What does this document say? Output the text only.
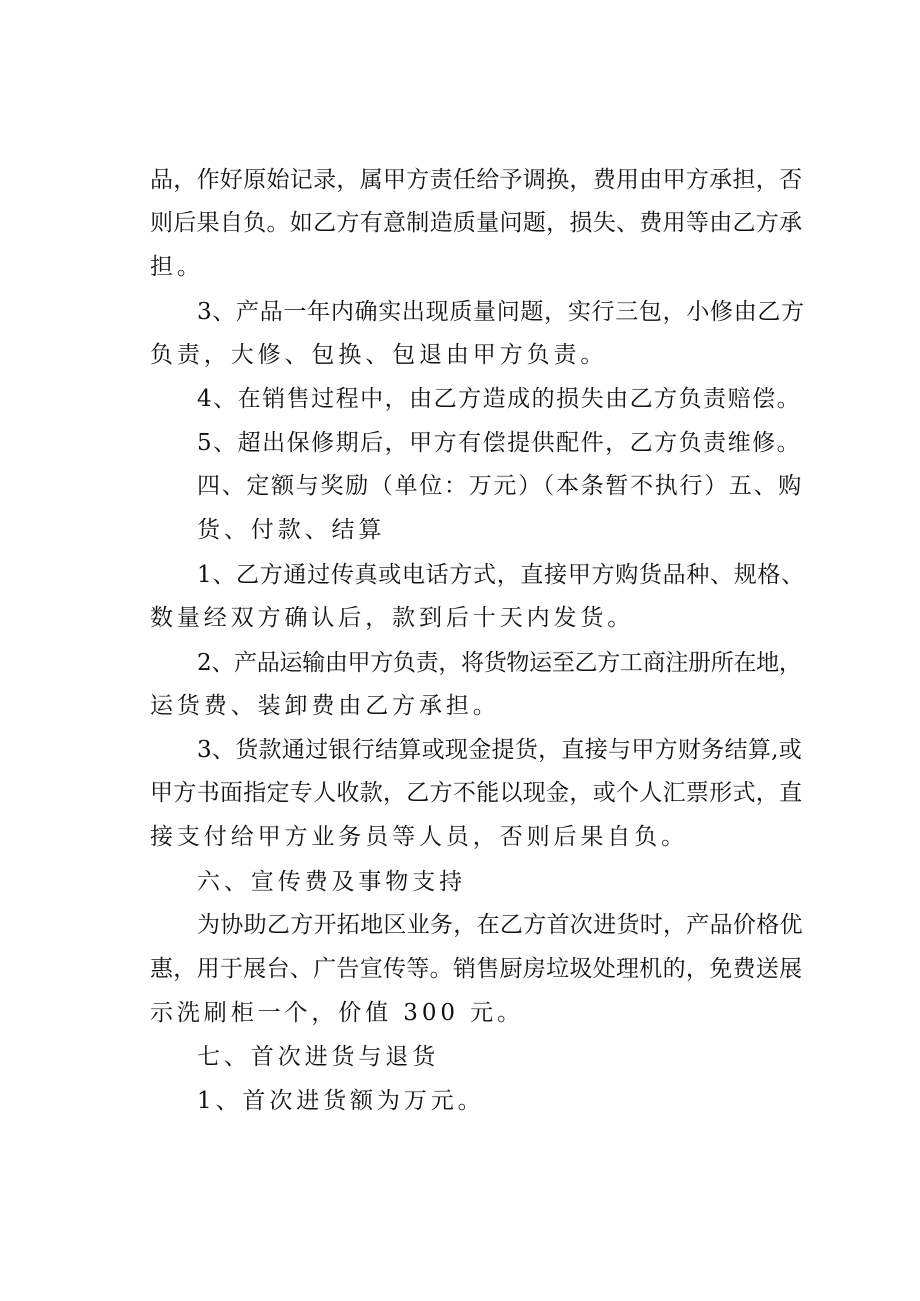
品，作好原始记录，属甲方责任给予调换，费用由甲方承担，否
则后果自负。如乙方有意制造质量问题，损失、费用等由乙方承
担。
3、产品一年内确实出现质量问题，实行三包，小修由乙方
负责，大修、包换、包退由甲方负责。
4、在销售过程中，由乙方造成的损失由乙方负责赔偿。
5、超出保修期后，甲方有偿提供配件，乙方负责维修。
四、定额与奖励（单位：万元）（本条暂不执行）五、购
货、付款、结算
1、乙方通过传真或电话方式，直接甲方购货品种、规格、
数量经双方确认后，款到后十天内发货。
2、产品运输由甲方负责，将货物运至乙方工商注册所在地，
运货费、装卸费由乙方承担。
3、货款通过银行结算或现金提货，直接与甲方财务结算,或
甲方书面指定专人收款，乙方不能以现金，或个人汇票形式，直
接支付给甲方业务员等人员，否则后果自负。
六、宣传费及事物支持
为协助乙方开拓地区业务，在乙方首次进货时，产品价格优
惠，用于展台、广告宣传等。销售厨房垃圾处理机的，免费送展
示洗刷柜一个，价值 300 元。
七、首次进货与退货
1、首次进货额为万元。
